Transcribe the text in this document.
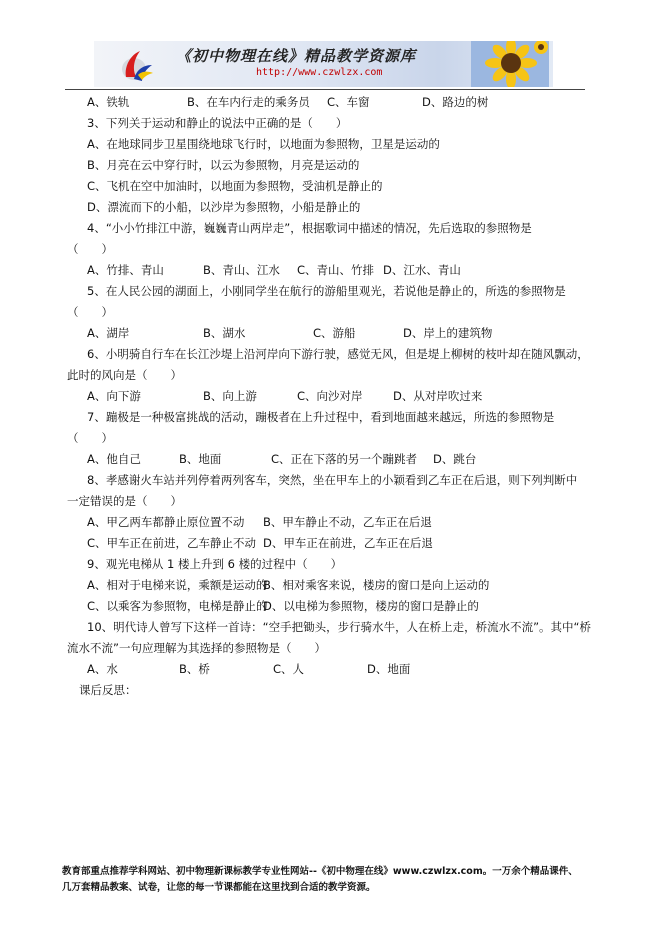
《初中物理在线》精品教学资源库
http://www.czwlzx.com
A、铁轨	B、在车内行走的乘务员 C、车窗	D、路边的树
3、下列关于运动和静止的说法中正确的是（　　）
A、在地球同步卫星围绕地球飞行时，以地面为参照物，卫星是运动的
B、月亮在云中穿行时，以云为参照物，月亮是运动的
C、飞机在空中加油时，以地面为参照物，受油机是静止的
D、漂流而下的小船，以沙岸为参照物，小船是静止的
4、“小小竹排江中游，巍巍青山两岸走”，根据歌词中描述的情况，先后选取的参照物是
（　　）
A、竹排、青山	B、青山、江水 C、青山、竹排 D、江水、青山
5、在人民公园的湖面上，小刚同学坐在航行的游船里观光，若说他是静止的，所选的参照物是
（　　）
A、湖岸	B、湖水	C、游船	D、岸上的建筑物
6、小明骑自行车在长江沙堤上沿河岸向下游行驶，感觉无风，但是堤上柳树的枝叶却在随风飘动，
此时的风向是（　　）
A、向下游	B、向上游	C、向沙对岸	D、从对岸吹过来
7、蹦极是一种极富挑战的活动，蹦极者在上升过程中，看到地面越来越远，所选的参照物是
（　　）
A、他自己	B、地面	C、正在下落的另一个蹦跳者 D、跳台
8、孝感谢火车站并列停着两列客车，突然，坐在甲车上的小颖看到乙车正在后退，则下列判断中
一定错误的是（　　）
A、甲乙两车都静止原位置不动 B、甲车静止不动，乙车正在后退
C、甲车正在前进，乙车静止不动 D、甲车正在前进，乙车正在后退
9、观光电梯从 1 楼上升到 6 楼的过程中（　　）
A、相对于电梯来说，乘额是运动的B、相对乘客来说，楼房的窗口是向上运动的
C、以乘客为参照物，电梯是静止的D、以电梯为参照物，楼房的窗口是静止的
10、明代诗人曾写下这样一首诗：“空手把锄头，步行骑水牛，人在桥上走，桥流水不流”。其中“桥
流水不流”一句应理解为其选择的参照物是（　　）
A、水	B、桥	C、人	D、地面
课后反思：
教育部重点推荐学科网站、初中物理新课标教学专业性网站--《初中物理在线》www.czwlzx.com。一万余个精品课件、
几万套精品教案、试卷，让您的每一节课都能在这里找到合适的教学资源。
